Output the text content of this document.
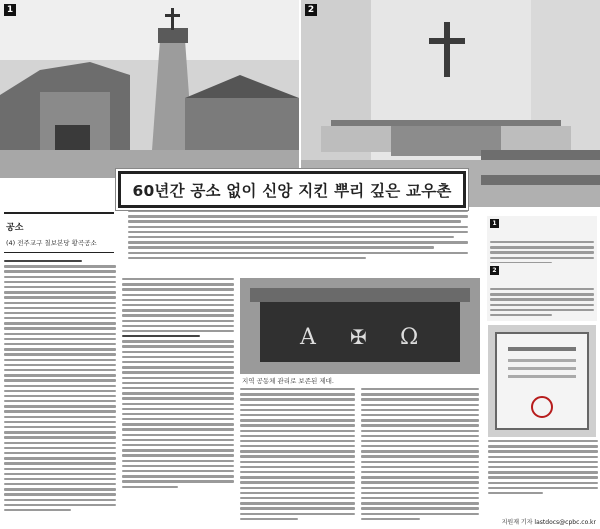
1	2
60년간 공소 없이 신앙 지킨 뿌리 깊은 교우촌
공소
(4) 전주교구 칠보본당 황곡공소
A ✠ Ω
지역 공동체 관리로 보존된 제대.
1
2
지원재 기자 lastdocs@cpbc.co.kr
